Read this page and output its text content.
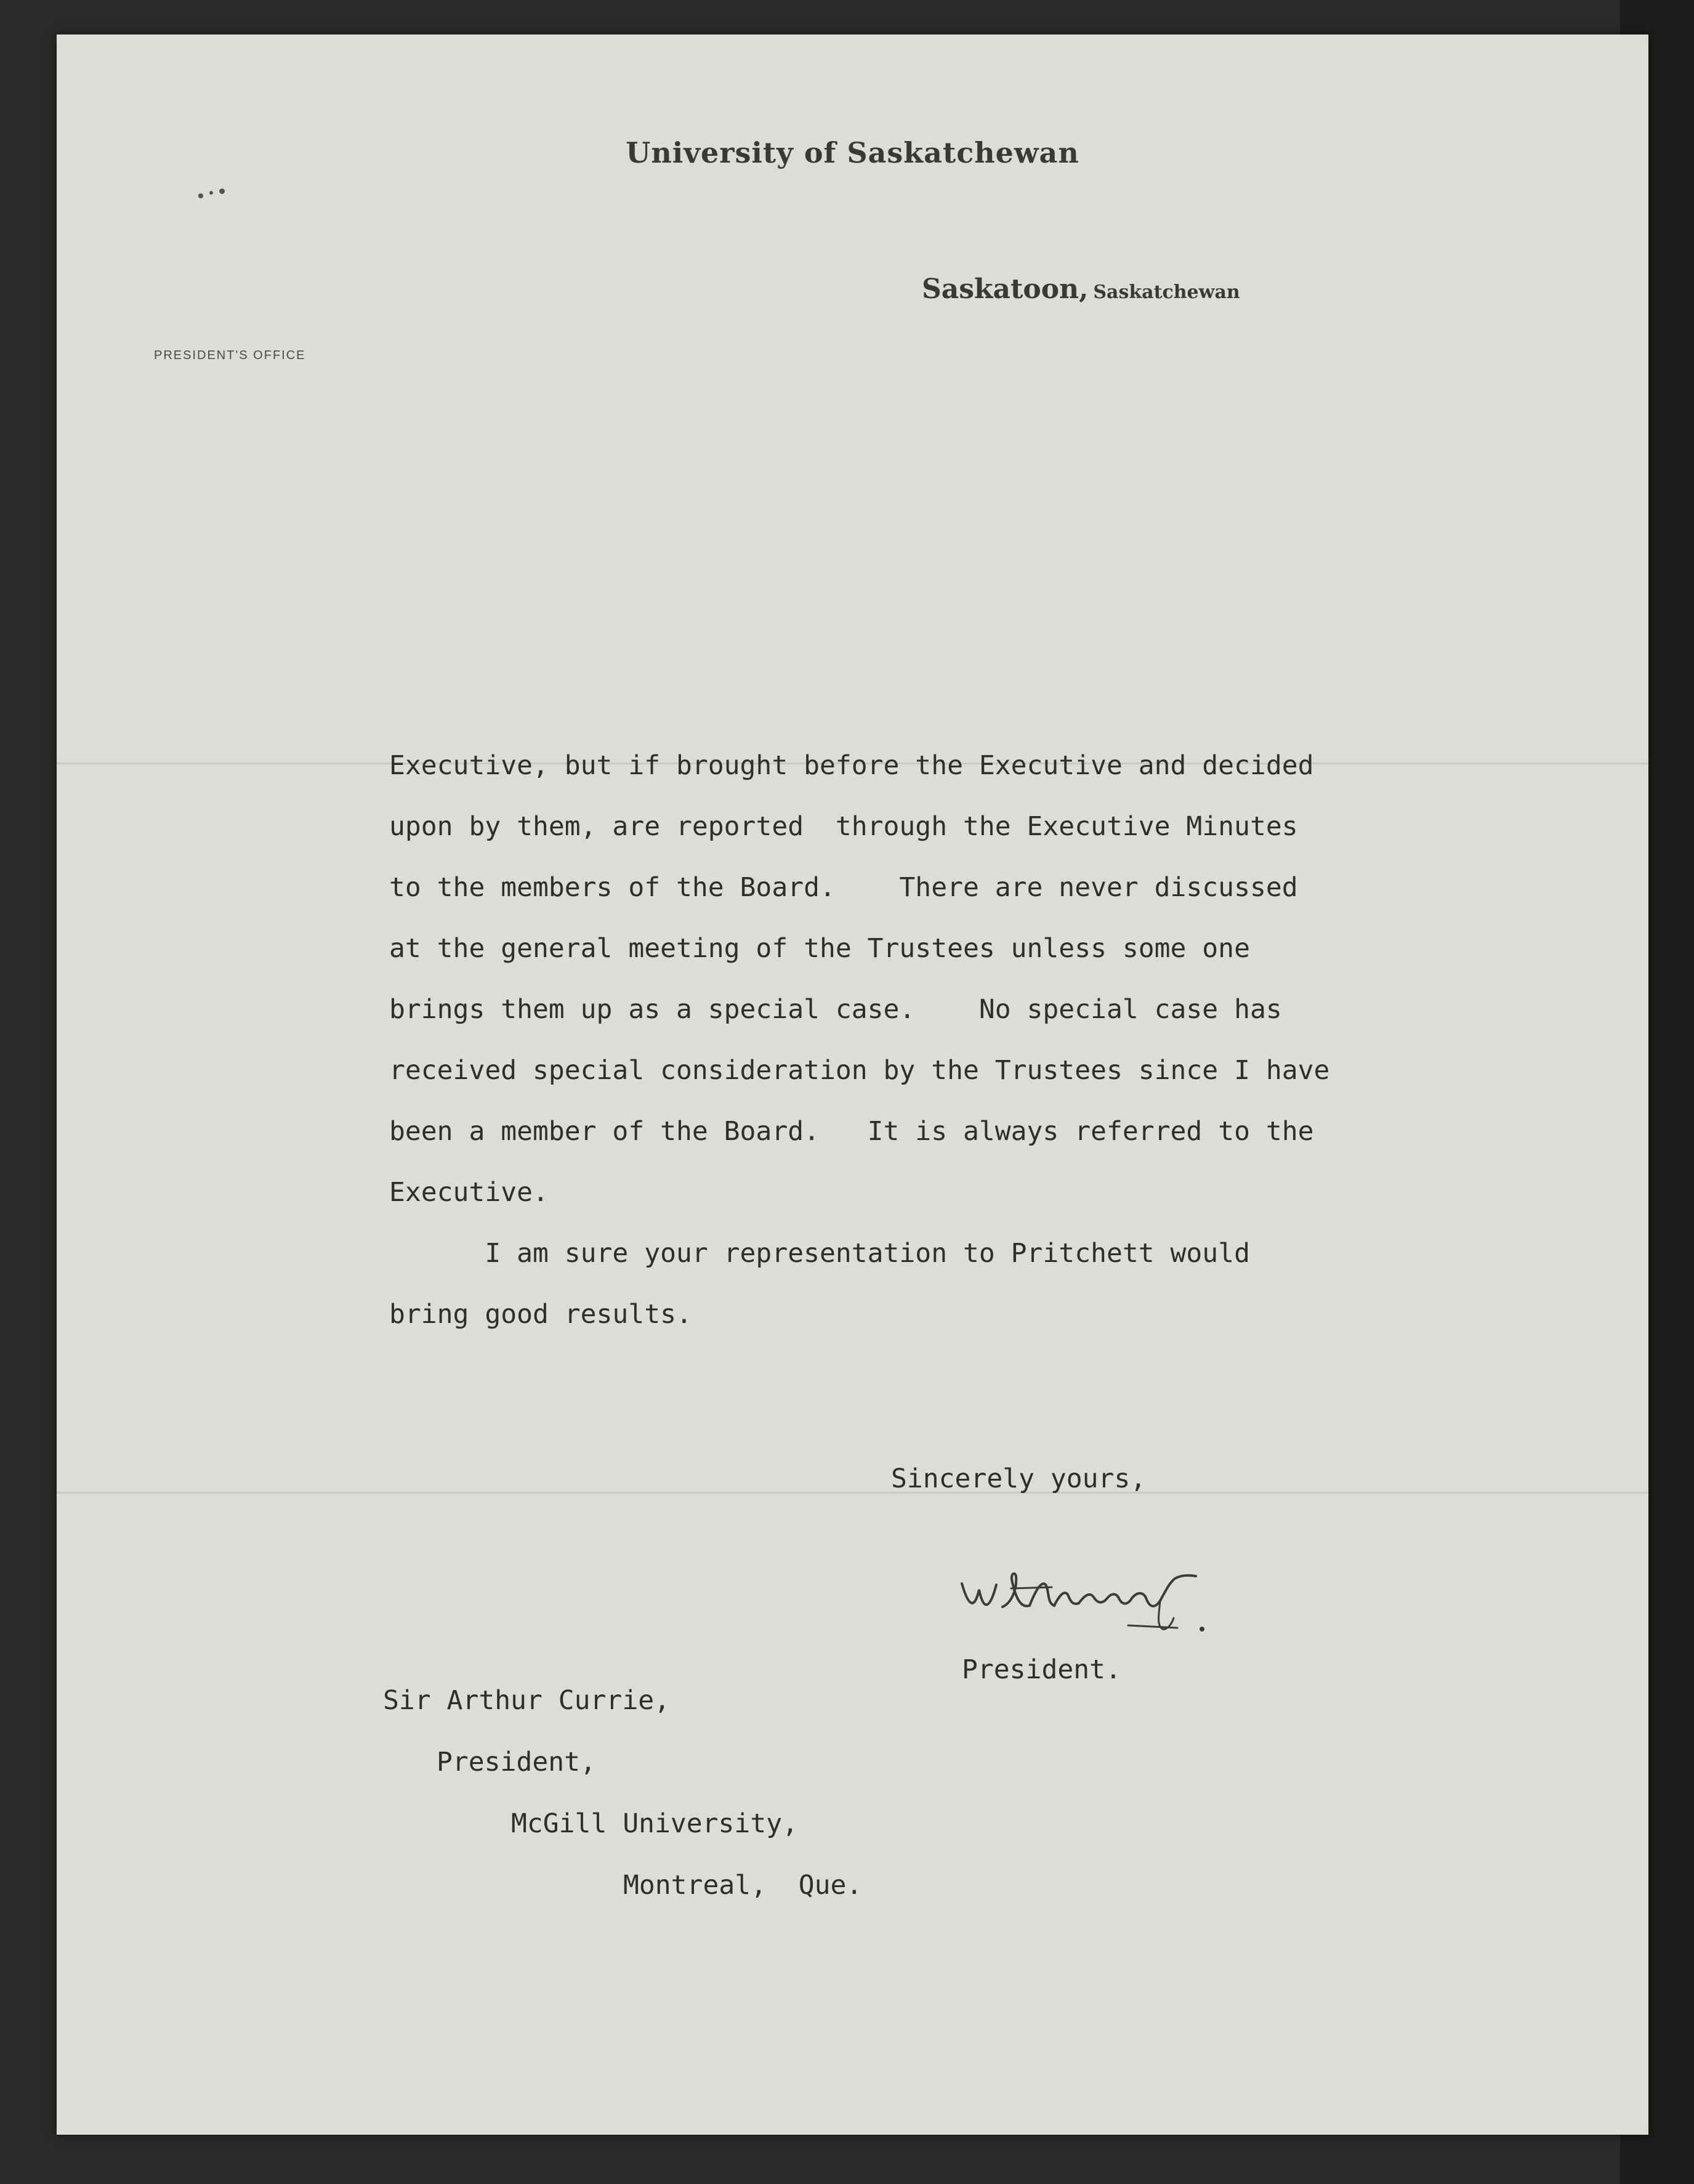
University of Saskatchewan
Saskatoon, Saskatchewan
PRESIDENT'S OFFICE
Executive, but if brought before the Executive and decided
upon by them, are reported  through the Executive Minutes
to the members of the Board.    There are never discussed
at the general meeting of the Trustees unless some one
brings them up as a special case.    No special case has
received special consideration by the Trustees since I have
been a member of the Board.   It is always referred to the
Executive.
I am sure your representation to Pritchett would
bring good results.
Sincerely yours,
President.
Sir Arthur Currie,
President,
McGill University,
Montreal,  Que.
